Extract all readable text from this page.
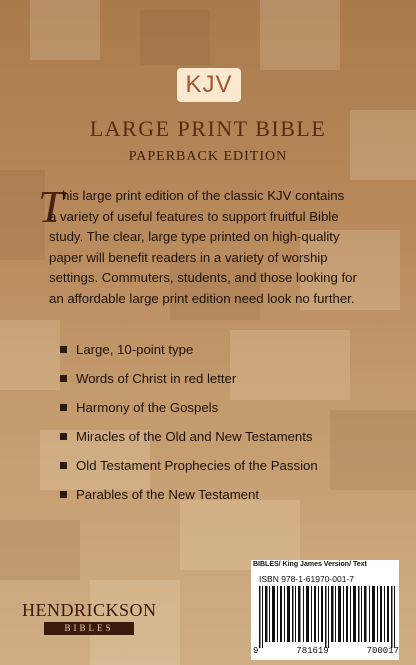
KJV
LARGE PRINT BIBLE
PAPERBACK EDITION
T
his large print edition of the classic KJV contains
a variety of useful features to support fruitful Bible study. The clear, large type printed on high-quality paper will benefit readers in a variety of worship settings. Commuters, students, and those looking for an affordable large print edition need look no further.
Large, 10-point type
Words of Christ in red letter
Harmony of the Gospels
Miracles of the Old and New Testaments
Old Testament Prophecies of the Passion
Parables of the New Testament
HENDRICKSON
BIBLES
BIBLES/ King James Version/ Text
ISBN 978-1-61970-001-7
9	781619	700017
